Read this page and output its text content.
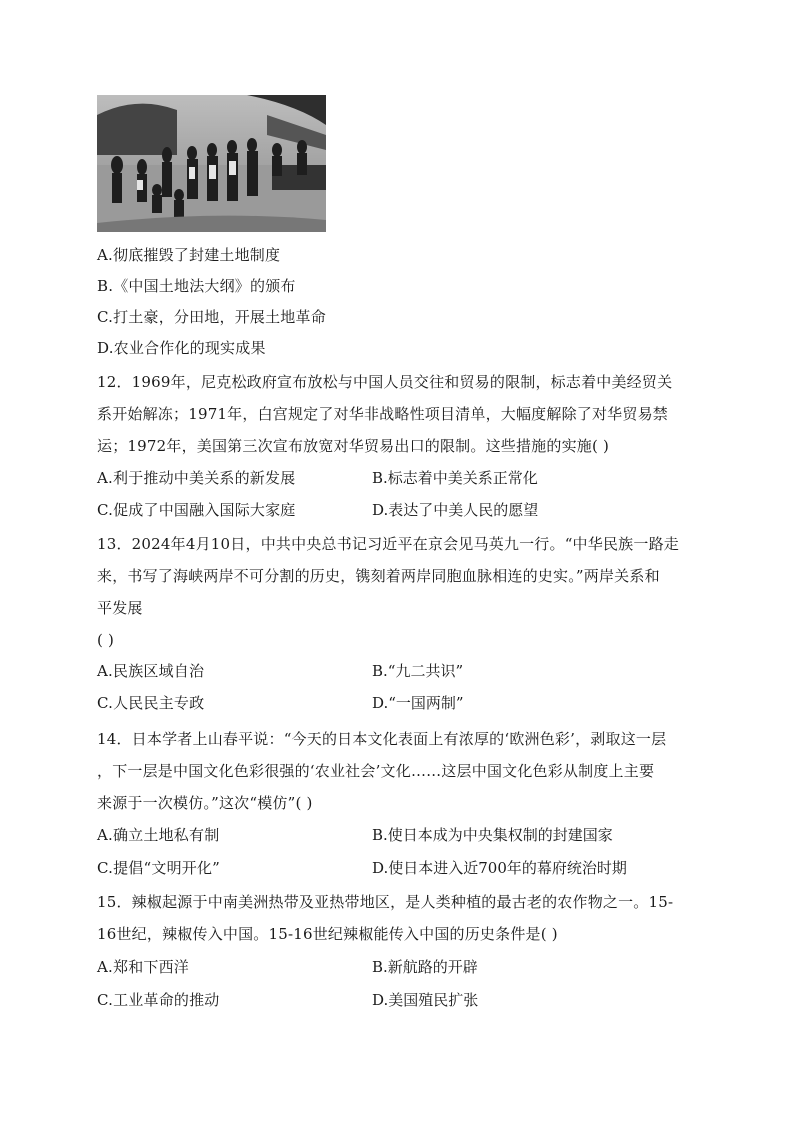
A.彻底摧毁了封建土地制度
B.《中国土地法大纲》的颁布
C.打土豪，分田地，开展土地革命
D.农业合作化的现实成果
12．1969年，尼克松政府宣布放松与中国人员交往和贸易的限制，标志着中美经贸关
系开始解冻；1971年，白宫规定了对华非战略性项目清单，大幅度解除了对华贸易禁
运；1972年，美国第三次宣布放宽对华贸易出口的限制。这些措施的实施( )
A.利于推动中美关系的新发展	B.标志着中美关系正常化
C.促成了中国融入国际大家庭	D.表达了中美人民的愿望
13．2024年4月10日，中共中央总书记习近平在京会见马英九一行。“中华民族一路走
来，书写了海峡两岸不可分割的历史，镌刻着两岸同胞血脉相连的史实。”两岸关系和
平发展
( )
A.民族区域自治	B.“九二共识”
C.人民民主专政	D.“一国两制”
14．日本学者上山春平说：“今天的日本文化表面上有浓厚的‘欧洲色彩’，剥取这一层
，下一层是中国文化色彩很强的‘农业社会’文化……这层中国文化色彩从制度上主要
来源于一次模仿。”这次“模仿”( )
A.确立土地私有制	B.使日本成为中央集权制的封建国家
C.提倡“文明开化”	D.使日本进入近700年的幕府统治时期
15．辣椒起源于中南美洲热带及亚热带地区，是人类种植的最古老的农作物之一。15-
16世纪，辣椒传入中国。15-16世纪辣椒能传入中国的历史条件是( )
A.郑和下西洋	B.新航路的开辟
C.工业革命的推动	D.美国殖民扩张
